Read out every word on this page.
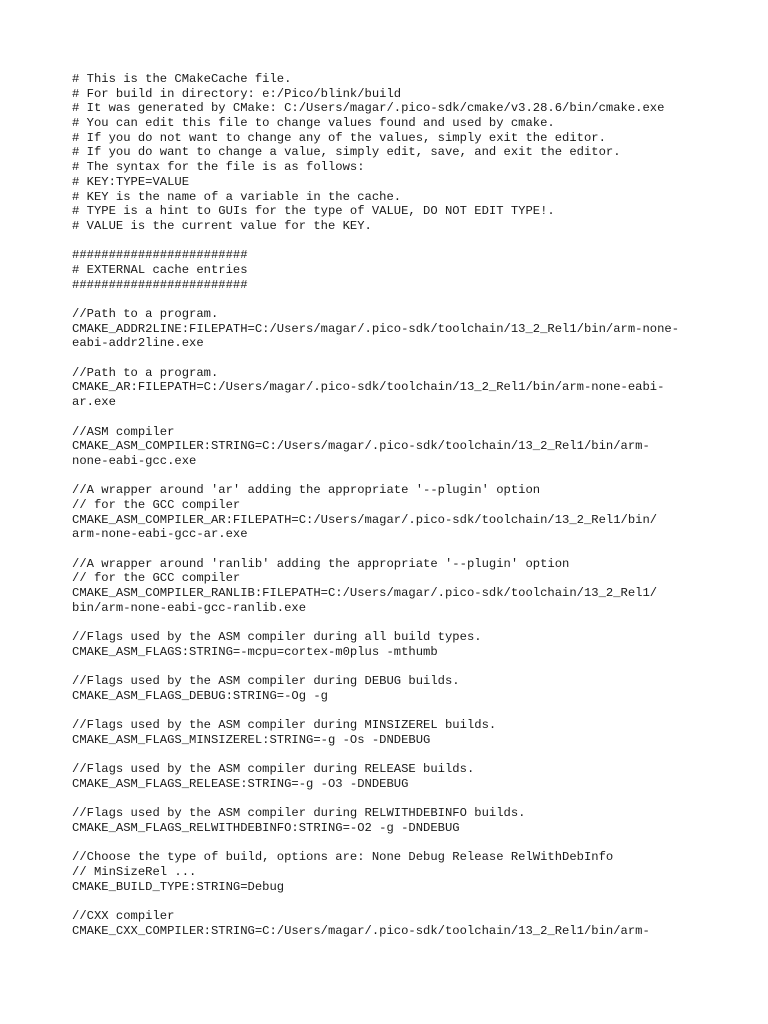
# This is the CMakeCache file.
# For build in directory: e:/Pico/blink/build
# It was generated by CMake: C:/Users/magar/.pico-sdk/cmake/v3.28.6/bin/cmake.exe
# You can edit this file to change values found and used by cmake.
# If you do not want to change any of the values, simply exit the editor.
# If you do want to change a value, simply edit, save, and exit the editor.
# The syntax for the file is as follows:
# KEY:TYPE=VALUE
# KEY is the name of a variable in the cache.
# TYPE is a hint to GUIs for the type of VALUE, DO NOT EDIT TYPE!.
# VALUE is the current value for the KEY.
########################
# EXTERNAL cache entries
########################
//Path to a program.
CMAKE_ADDR2LINE:FILEPATH=C:/Users/magar/.pico-sdk/toolchain/13_2_Rel1/bin/arm-none-
eabi-addr2line.exe
//Path to a program.
CMAKE_AR:FILEPATH=C:/Users/magar/.pico-sdk/toolchain/13_2_Rel1/bin/arm-none-eabi-
ar.exe
//ASM compiler
CMAKE_ASM_COMPILER:STRING=C:/Users/magar/.pico-sdk/toolchain/13_2_Rel1/bin/arm-
none-eabi-gcc.exe
//A wrapper around 'ar' adding the appropriate '--plugin' option
// for the GCC compiler
CMAKE_ASM_COMPILER_AR:FILEPATH=C:/Users/magar/.pico-sdk/toolchain/13_2_Rel1/bin/
arm-none-eabi-gcc-ar.exe
//A wrapper around 'ranlib' adding the appropriate '--plugin' option
// for the GCC compiler
CMAKE_ASM_COMPILER_RANLIB:FILEPATH=C:/Users/magar/.pico-sdk/toolchain/13_2_Rel1/
bin/arm-none-eabi-gcc-ranlib.exe
//Flags used by the ASM compiler during all build types.
CMAKE_ASM_FLAGS:STRING=-mcpu=cortex-m0plus -mthumb
//Flags used by the ASM compiler during DEBUG builds.
CMAKE_ASM_FLAGS_DEBUG:STRING=-Og -g
//Flags used by the ASM compiler during MINSIZEREL builds.
CMAKE_ASM_FLAGS_MINSIZEREL:STRING=-g -Os -DNDEBUG
//Flags used by the ASM compiler during RELEASE builds.
CMAKE_ASM_FLAGS_RELEASE:STRING=-g -O3 -DNDEBUG
//Flags used by the ASM compiler during RELWITHDEBINFO builds.
CMAKE_ASM_FLAGS_RELWITHDEBINFO:STRING=-O2 -g -DNDEBUG
//Choose the type of build, options are: None Debug Release RelWithDebInfo
// MinSizeRel ...
CMAKE_BUILD_TYPE:STRING=Debug
//CXX compiler
CMAKE_CXX_COMPILER:STRING=C:/Users/magar/.pico-sdk/toolchain/13_2_Rel1/bin/arm-
